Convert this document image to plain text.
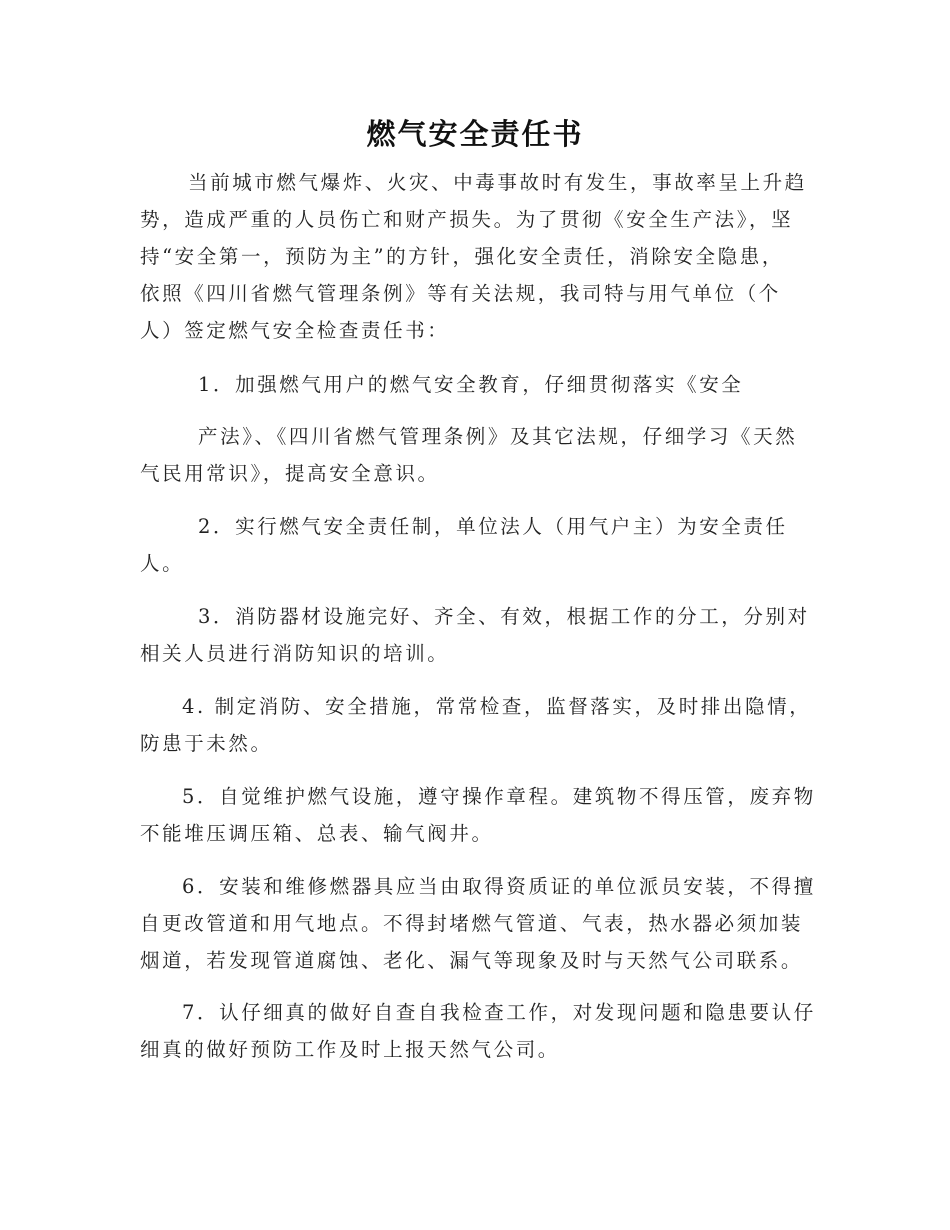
燃气安全责任书
当前城市燃气爆炸、火灾、中毒事故时有发生，事故率呈上升趋
势，造成严重的人员伤亡和财产损失。为了贯彻《安全生产法》，坚
持“安全第一，预防为主”的方针，强化安全责任，消除安全隐患，
依照《四川省燃气管理条例》等有关法规，我司特与用气单位（个
人）签定燃气安全检查责任书：
1．加强燃气用户的燃气安全教育，仔细贯彻落实《安全
产法》、《四川省燃气管理条例》及其它法规，仔细学习《天然
气民用常识》，提高安全意识。
2．实行燃气安全责任制，单位法人（用气户主）为安全责任
人。
3．消防器材设施完好、齐全、有效，根据工作的分工，分别对
相关人员进行消防知识的培训。
4. 制定消防、安全措施，常常检查，监督落实，及时排出隐情，
防患于未然。
5．自觉维护燃气设施，遵守操作章程。建筑物不得压管，废弃物
不能堆压调压箱、总表、输气阀井。
6．安装和维修燃器具应当由取得资质证的单位派员安装，不得擅
自更改管道和用气地点。不得封堵燃气管道、气表，热水器必须加装
烟道，若发现管道腐蚀、老化、漏气等现象及时与天然气公司联系。
7．认仔细真的做好自查自我检查工作，对发现问题和隐患要认仔
细真的做好预防工作及时上报天然气公司。
